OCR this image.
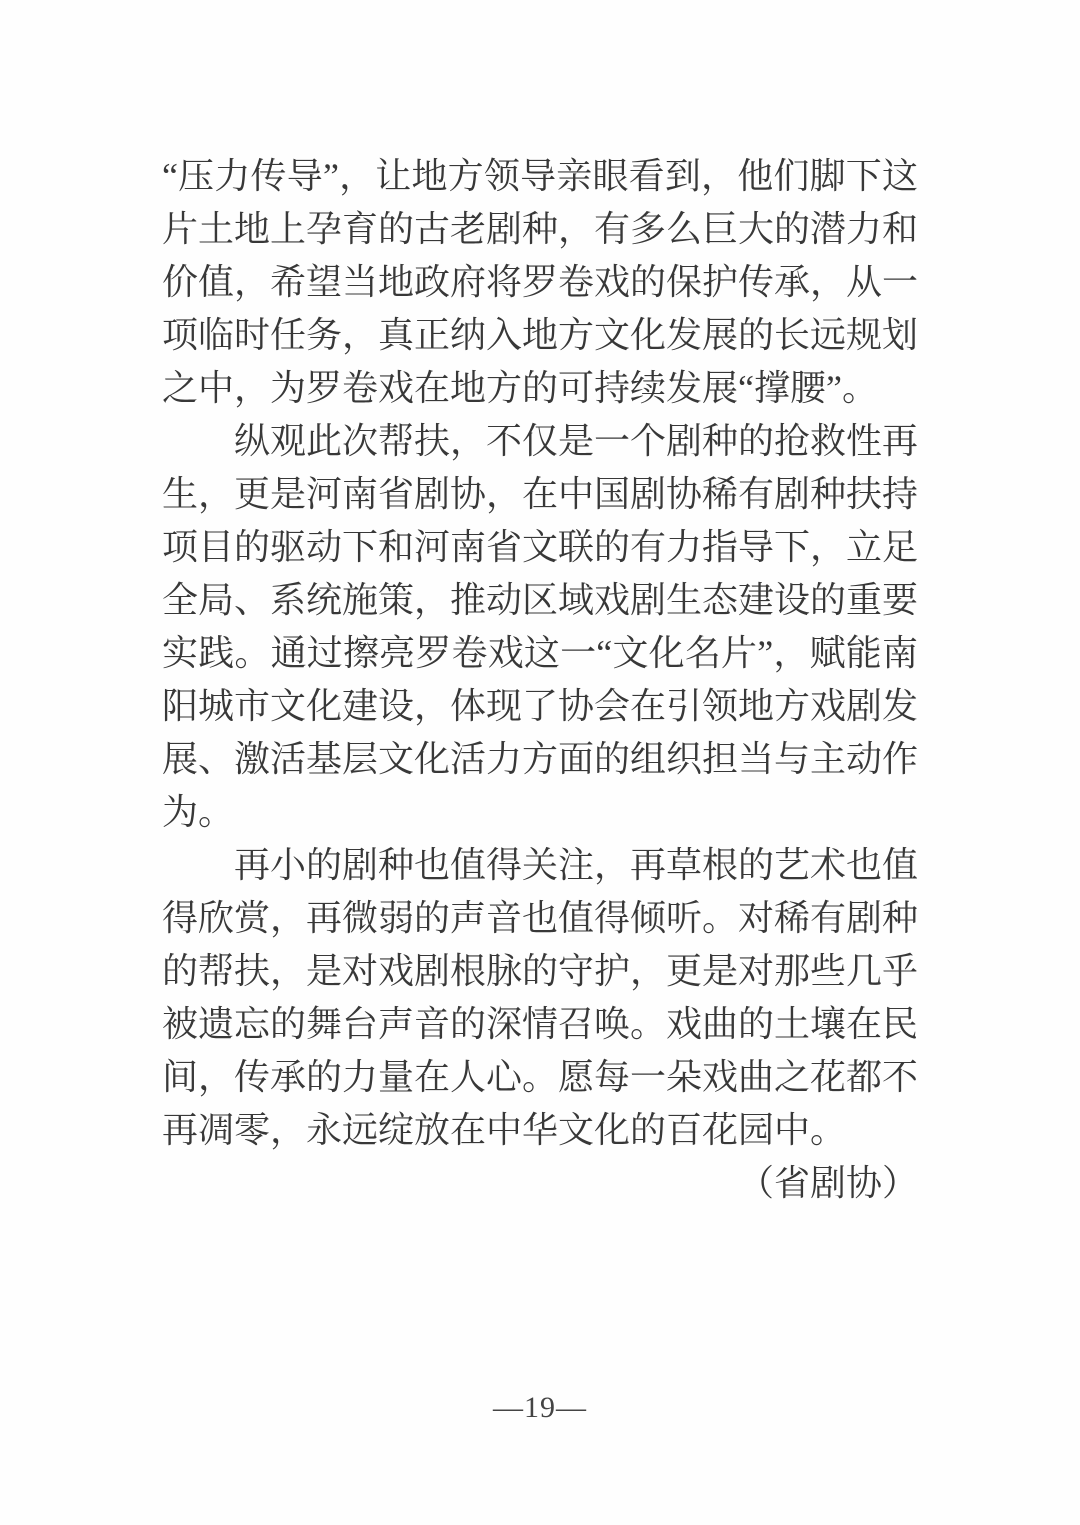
“压力传导”，让地方领导亲眼看到，他们脚下这片土地上孕育的古老剧种，有多么巨大的潜力和价值，希望当地政府将罗卷戏的保护传承，从一项临时任务，真正纳入地方文化发展的长远规划之中，为罗卷戏在地方的可持续发展“撑腰”。

纵观此次帮扶，不仅是一个剧种的抢救性再生，更是河南省剧协，在中国剧协稀有剧种扶持项目的驱动下和河南省文联的有力指导下，立足全局、系统施策，推动区域戏剧生态建设的重要实践。通过擦亮罗卷戏这一“文化名片”，赋能南阳城市文化建设，体现了协会在引领地方戏剧发展、激活基层文化活力方面的组织担当与主动作为。

再小的剧种也值得关注，再草根的艺术也值得欣赏，再微弱的声音也值得倾听。对稀有剧种的帮扶，是对戏剧根脉的守护，更是对那些几乎被遗忘的舞台声音的深情召唤。戏曲的土壤在民间，传承的力量在人心。愿每一朵戏曲之花都不再凋零，永远绽放在中华文化的百花园中。

（省剧协）

—19—
